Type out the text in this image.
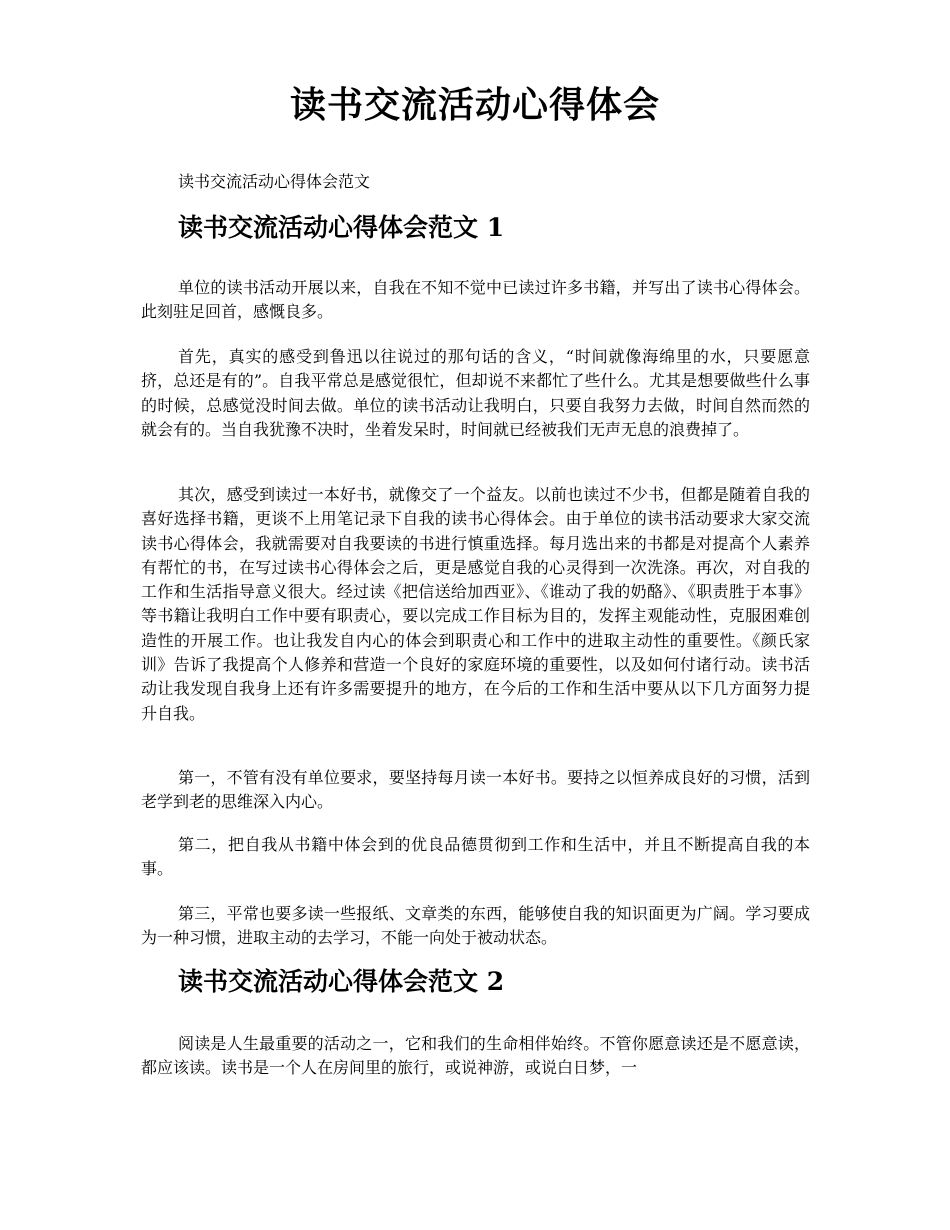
读书交流活动心得体会

读书交流活动心得体会范文

读书交流活动心得体会范文 1

单位的读书活动开展以来，自我在不知不觉中已读过许多书籍，并写出了读书心得体会。此刻驻足回首，感慨良多。

首先，真实的感受到鲁迅以往说过的那句话的含义，“时间就像海绵里的水，只要愿意挤，总还是有的”。自我平常总是感觉很忙，但却说不来都忙了些什么。尤其是想要做些什么事的时候，总感觉没时间去做。单位的读书活动让我明白，只要自我努力去做，时间自然而然的就会有的。当自我犹豫不决时，坐着发呆时，时间就已经被我们无声无息的浪费掉了。

其次，感受到读过一本好书，就像交了一个益友。以前也读过不少书，但都是随着自我的喜好选择书籍，更谈不上用笔记录下自我的读书心得体会。由于单位的读书活动要求大家交流读书心得体会，我就需要对自我要读的书进行慎重选择。每月选出来的书都是对提高个人素养有帮忙的书，在写过读书心得体会之后，更是感觉自我的心灵得到一次洗涤。再次，对自我的工作和生活指导意义很大。经过读《把信送给加西亚》、《谁动了我的奶酪》、《职责胜于本事》等书籍让我明白工作中要有职责心，要以完成工作目标为目的，发挥主观能动性，克服困难创造性的开展工作。也让我发自内心的体会到职责心和工作中的进取主动性的重要性。《颜氏家训》告诉了我提高个人修养和营造一个良好的家庭环境的重要性，以及如何付诸行动。读书活动让我发现自我身上还有许多需要提升的地方，在今后的工作和生活中要从以下几方面努力提升自我。

第一，不管有没有单位要求，要坚持每月读一本好书。要持之以恒养成良好的习惯，活到老学到老的思维深入内心。

第二，把自我从书籍中体会到的优良品德贯彻到工作和生活中，并且不断提高自我的本事。

第三，平常也要多读一些报纸、文章类的东西，能够使自我的知识面更为广阔。学习要成为一种习惯，进取主动的去学习，不能一向处于被动状态。

读书交流活动心得体会范文 2

阅读是人生最重要的活动之一，它和我们的生命相伴始终。不管你愿意读还是不愿意读，都应该读。读书是一个人在房间里的旅行，或说神游，或说白日梦，一
